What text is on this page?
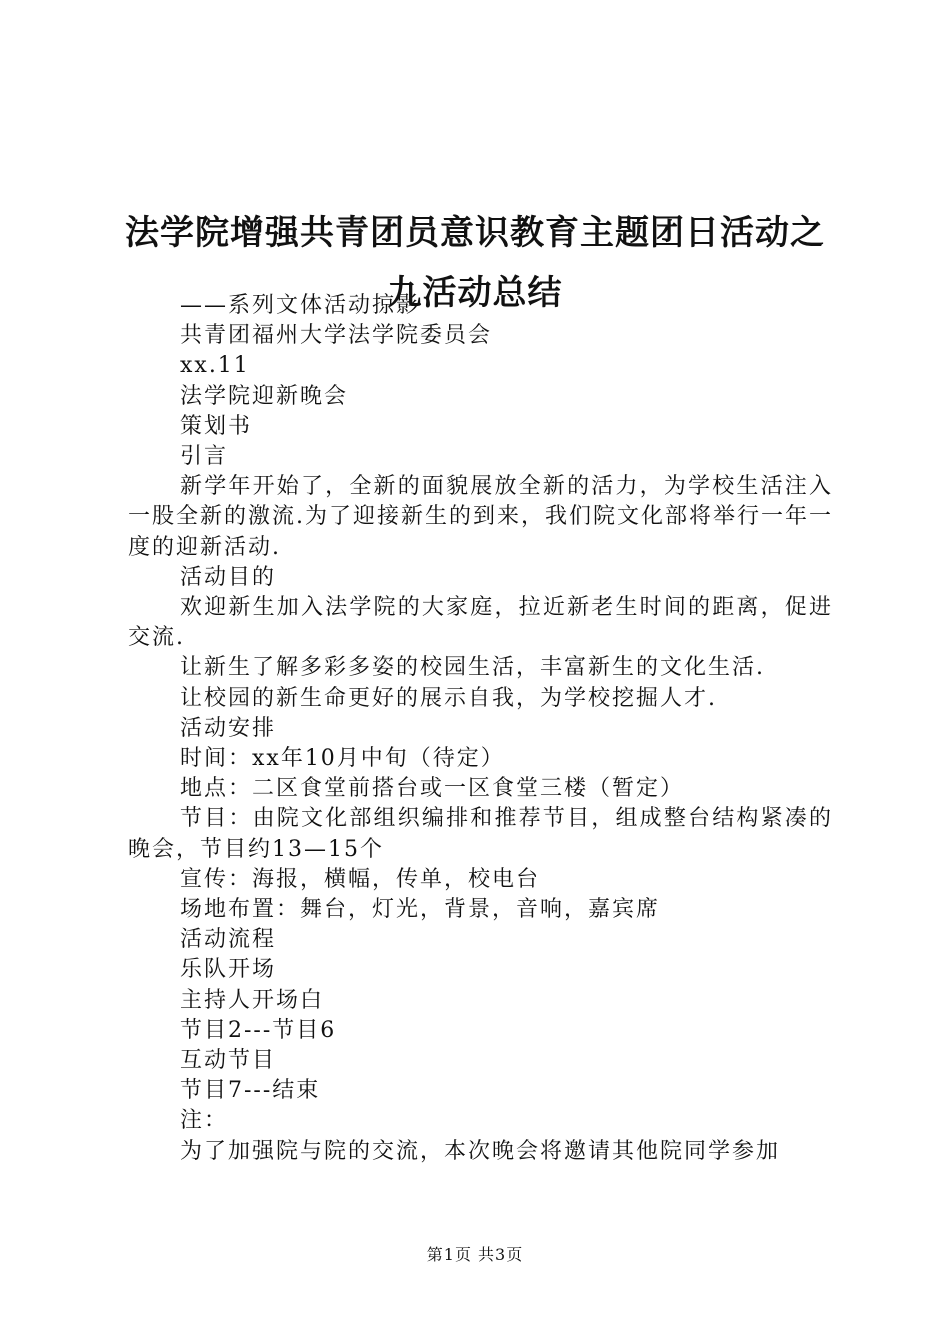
法学院增强共青团员意识教育主题团日活动之
九活动总结

——系列文体活动掠影

共青团福州大学法学院委员会

xx.11

法学院迎新晚会

策划书

引言

新学年开始了，全新的面貌展放全新的活力，为学校生活注入一股全新的激流.为了迎接新生的到来，我们院文化部将举行一年一度的迎新活动.

活动目的

欢迎新生加入法学院的大家庭，拉近新老生时间的距离，促进交流.

让新生了解多彩多姿的校园生活，丰富新生的文化生活.

让校园的新生命更好的展示自我，为学校挖掘人才.

活动安排

时间：xx年10月中旬（待定）

地点：二区食堂前搭台或一区食堂三楼（暂定）

节目：由院文化部组织编排和推荐节目，组成整台结构紧凑的晚会，节目约13—15个

宣传：海报，横幅，传单，校电台

场地布置：舞台，灯光，背景，音响，嘉宾席

活动流程

乐队开场

主持人开场白

节目2---节目6

互动节目

节目7---结束

注：

为了加强院与院的交流，本次晚会将邀请其他院同学参加

第1页 共3页
